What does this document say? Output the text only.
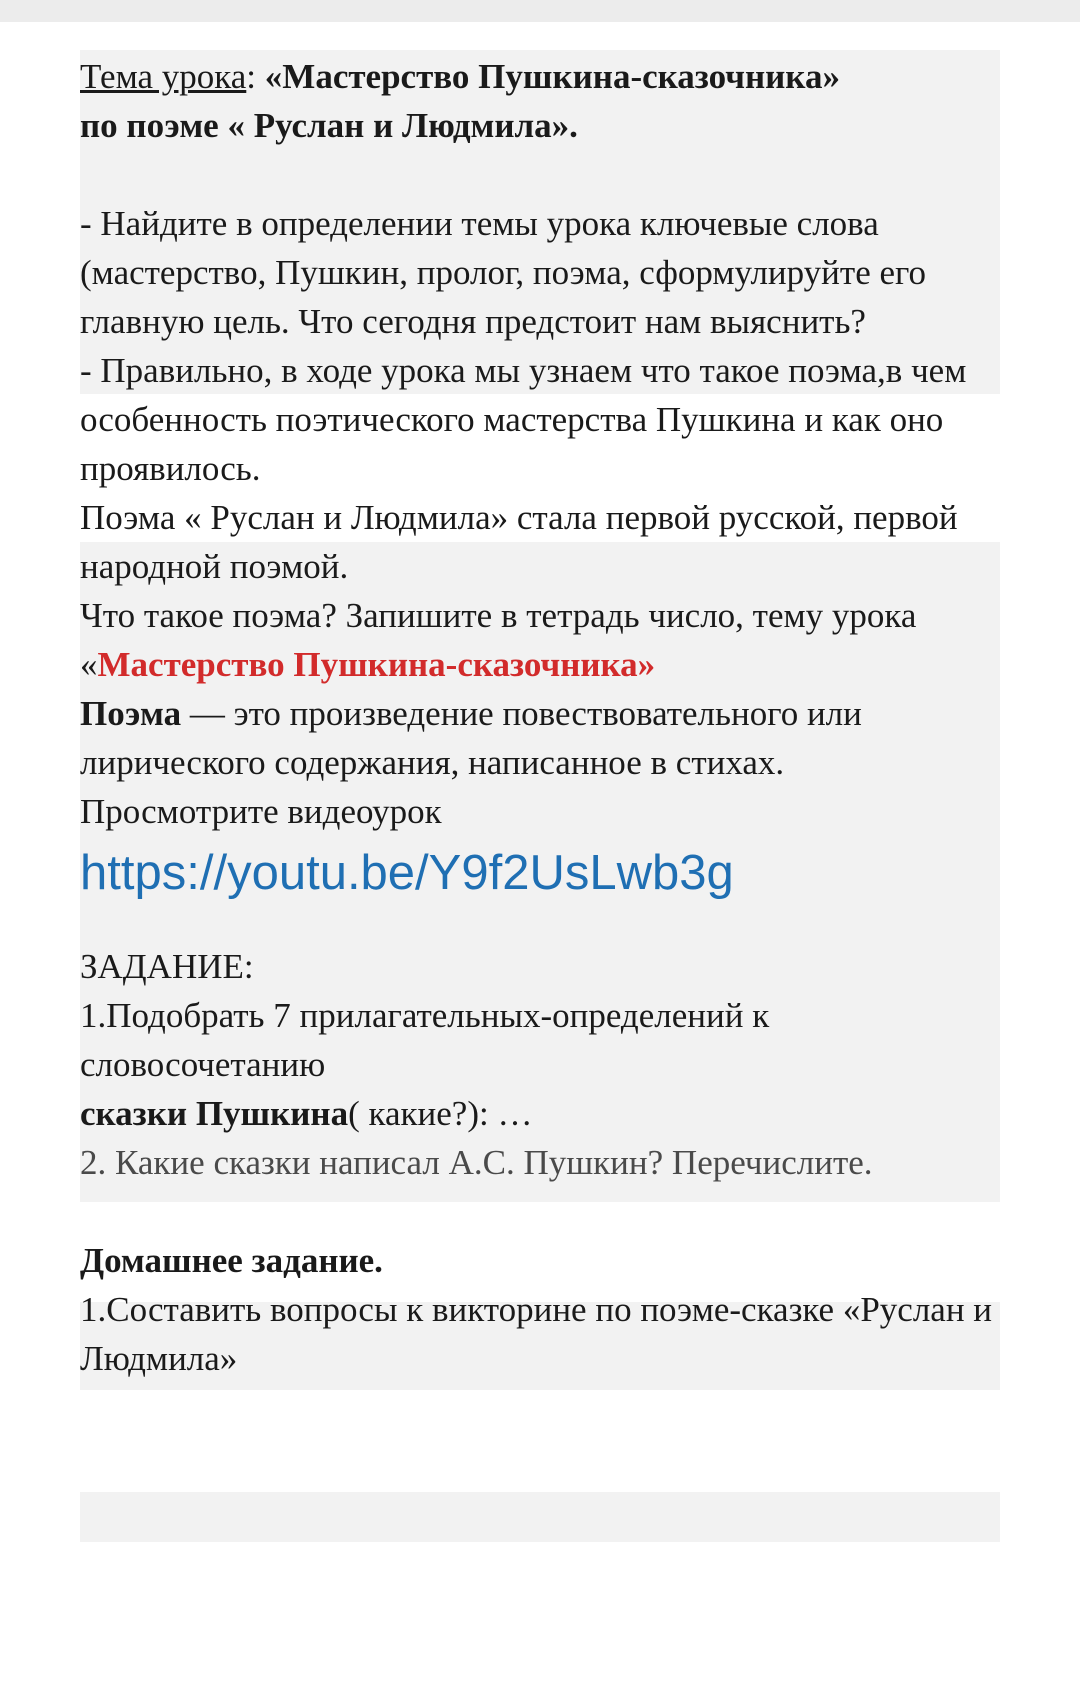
Тема урока: «Мастерство Пушкина-сказочника»

по поэме « Руслан и Людмила».

- Найдите в определении темы урока ключевые слова (мастерство, Пушкин, пролог, поэма, сформулируйте его главную цель. Что сегодня предстоит нам выяснить?

- Правильно, в ходе урока мы узнаем что такое поэма,в чем особенность поэтического мастерства Пушкина и как оно проявилось.

Поэма « Руслан и Людмила» стала первой русской, первой народной поэмой.

Что такое поэма? Запишите в тетрадь число, тему урока «Мастерство Пушкина-сказочника»

Поэма — это произведение повествовательного или лирического содержания, написанное в стихах.

Просмотрите видеоурок

https://youtu.be/Y9f2UsLwb3g

ЗАДАНИЕ:

1.Подобрать 7 прилагательных-определений к словосочетанию

сказки Пушкина( какие?): …

2. Какие сказки написал А.С. Пушкин? Перечислите.

Домашнее задание.

1.Составить вопросы к викторине по поэме-сказке «Руслан и Людмила»
